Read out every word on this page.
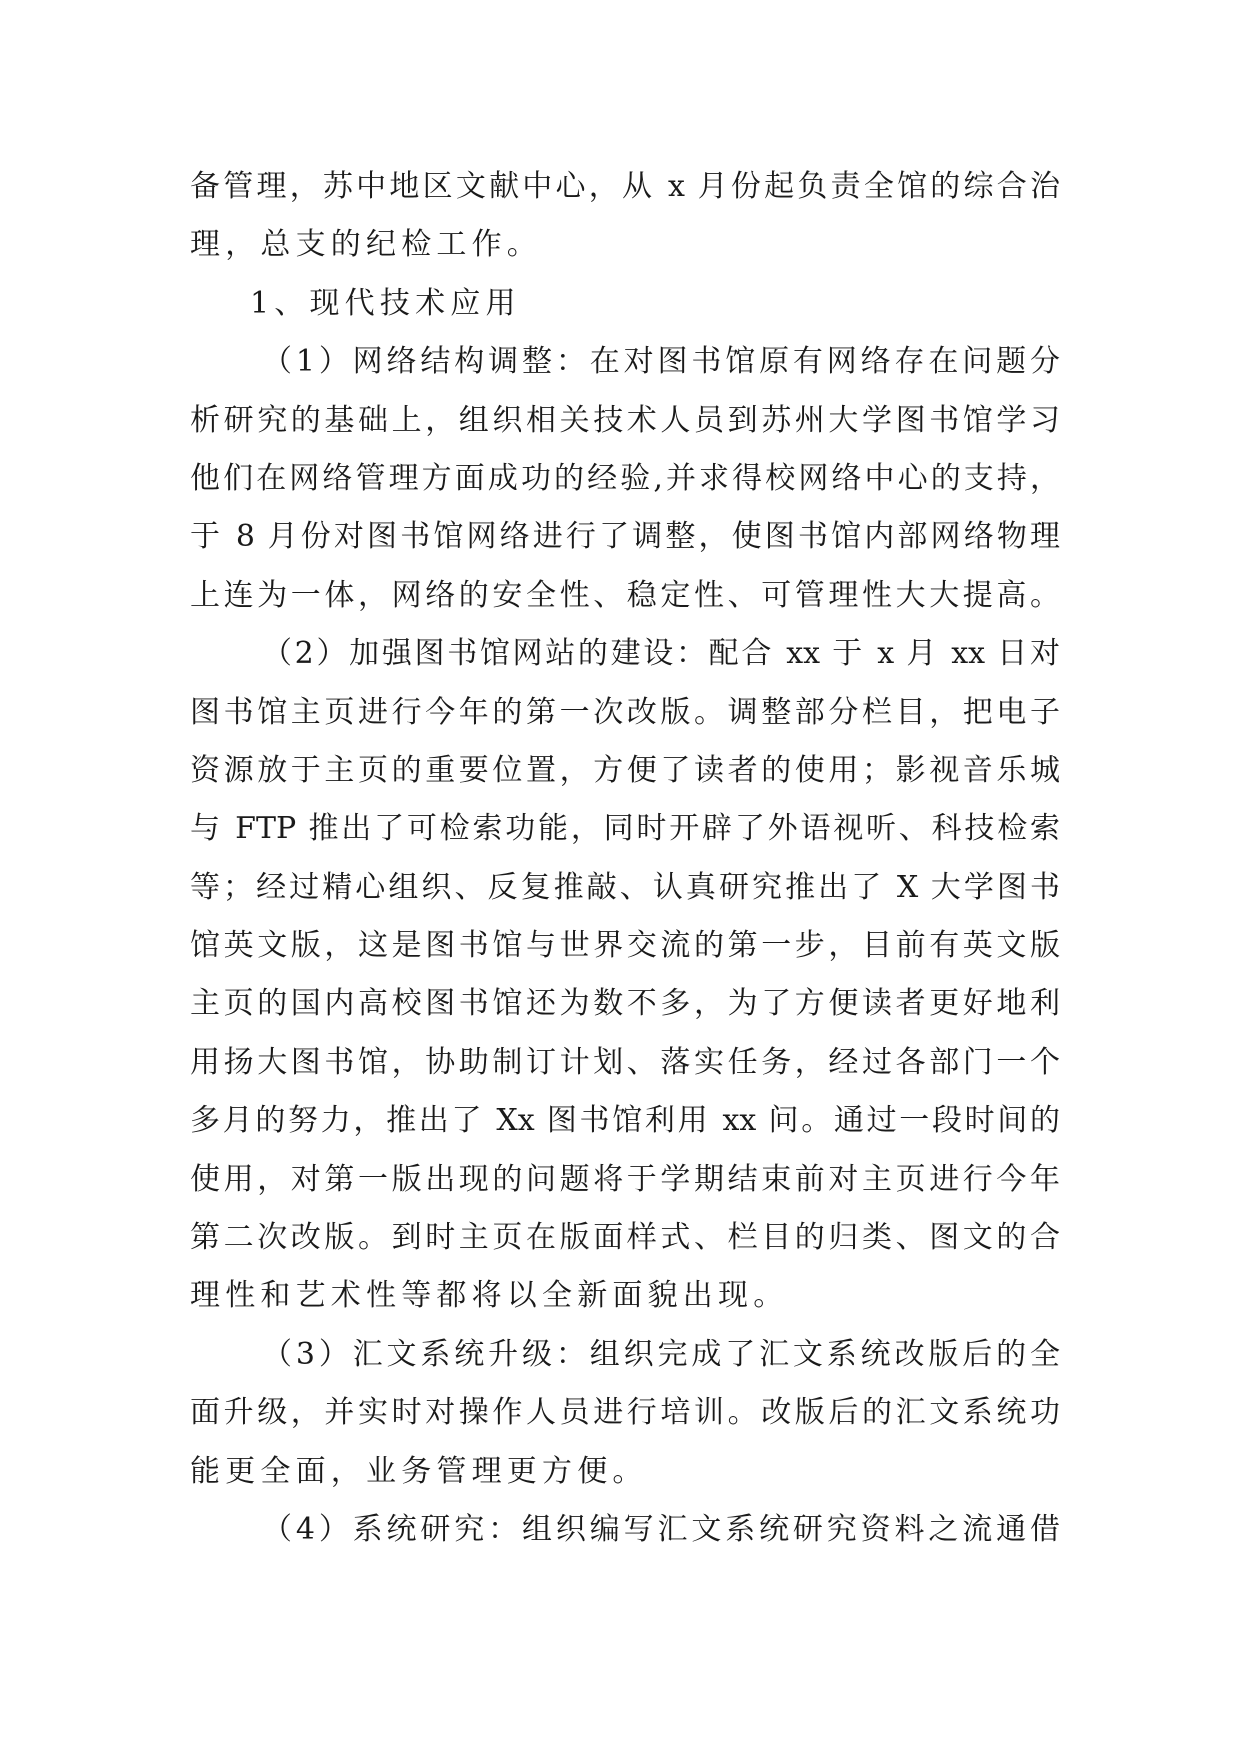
备管理，苏中地区文献中心，从 x 月份起负责全馆的综合治
理，总支的纪检工作。
1、现代技术应用
（1）网络结构调整：在对图书馆原有网络存在问题分
析研究的基础上，组织相关技术人员到苏州大学图书馆学习
他们在网络管理方面成功的经验,并求得校网络中心的支持，
于 8 月份对图书馆网络进行了调整，使图书馆内部网络物理
上连为一体，网络的安全性、稳定性、可管理性大大提高。
（2）加强图书馆网站的建设：配合 xx 于 x 月 xx 日对
图书馆主页进行今年的第一次改版。调整部分栏目，把电子
资源放于主页的重要位置，方便了读者的使用；影视音乐城
与 FTP 推出了可检索功能，同时开辟了外语视听、科技检索
等；经过精心组织、反复推敲、认真研究推出了 X 大学图书
馆英文版，这是图书馆与世界交流的第一步，目前有英文版
主页的国内高校图书馆还为数不多，为了方便读者更好地利
用扬大图书馆，协助制订计划、落实任务，经过各部门一个
多月的努力，推出了 Xx 图书馆利用 xx 问。通过一段时间的
使用，对第一版出现的问题将于学期结束前对主页进行今年
第二次改版。到时主页在版面样式、栏目的归类、图文的合
理性和艺术性等都将以全新面貌出现。
（3）汇文系统升级：组织完成了汇文系统改版后的全
面升级，并实时对操作人员进行培训。改版后的汇文系统功
能更全面，业务管理更方便。
（4）系统研究：组织编写汇文系统研究资料之流通借
